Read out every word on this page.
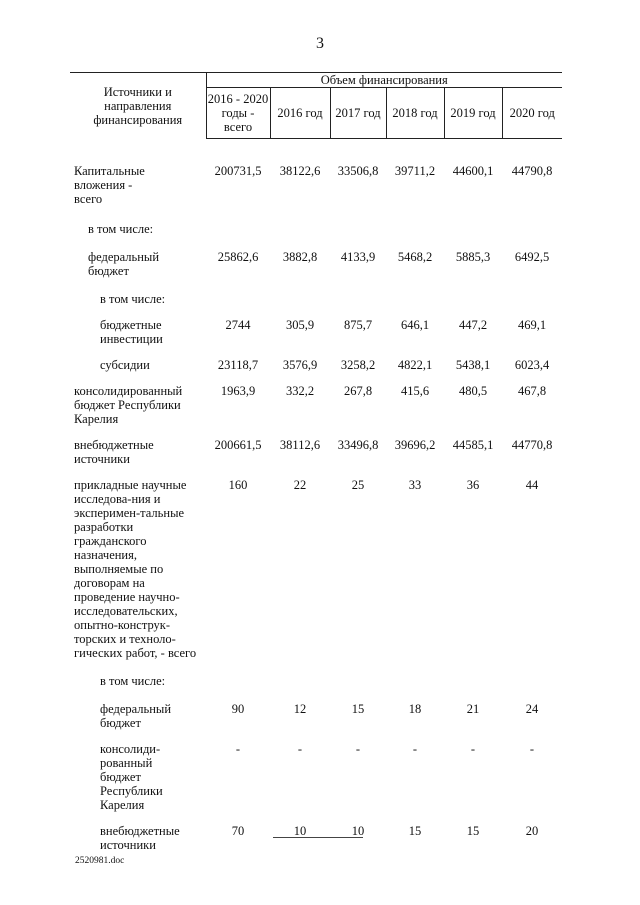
3
Источники и направления финансирования	Объем финансирования					
	2016 - 2020 годы - всего	2016 год	2017 год	2018 год	2019 год	2020 год

Капитальные вложения - всего	200731,5	38122,6	33506,8	39711,2	44600,1	44790,8

в том числе:						

федеральный бюджет	25862,6	3882,8	4133,9	5468,2	5885,3	6492,5

в том числе:						

бюджетные инвестиции	2744	305,9	875,7	646,1	447,2	469,1

субсидии	23118,7	3576,9	3258,2	4822,1	5438,1	6023,4

консолидированный бюджет Республики Карелия	1963,9	332,2	267,8	415,6	480,5	467,8

внебюджетные источники	200661,5	38112,6	33496,8	39696,2	44585,1	44770,8

прикладные научные исследова-ния и эксперимен-тальные разработки гражданского назначения, выполняемые по договорам на проведение научно-исследовательских, опытно-конструк-торских и техноло-гических работ, - всего	160	22	25	33	36	44

в том числе:						

федеральный бюджет	90	12	15	18	21	24

консолиди-рованный бюджет Республики Карелия	-	-	-	-	-	-

внебюджетные источники	70	10	10	15	15	20
2520981.doc
